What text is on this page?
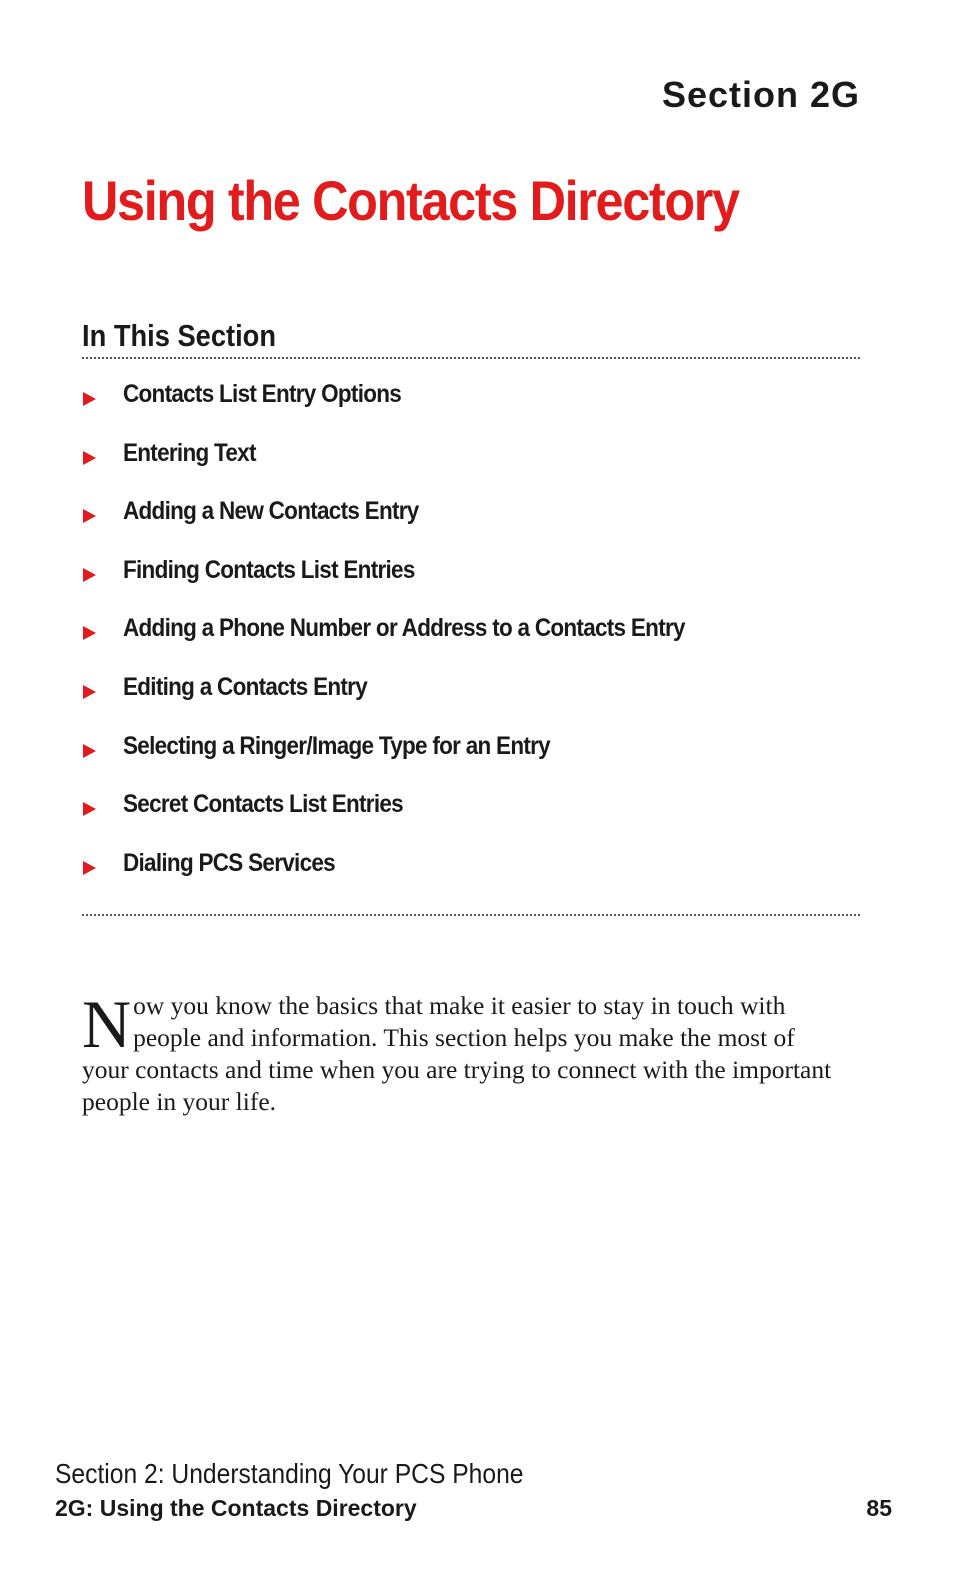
Section 2G
Using the Contacts Directory
In This Section
Contacts List Entry Options
Entering Text
Adding a New Contacts Entry
Finding Contacts List Entries
Adding a Phone Number or Address to a Contacts Entry
Editing a Contacts Entry
Selecting a Ringer/Image Type for an Entry
Secret Contacts List Entries
Dialing PCS Services

Now you know the basics that make it easier to stay in touch with people and information. This section helps you make the most of your contacts and time when you are trying to connect with the important people in your life.

Section 2: Understanding Your PCS Phone
2G: Using the Contacts Directory	85
